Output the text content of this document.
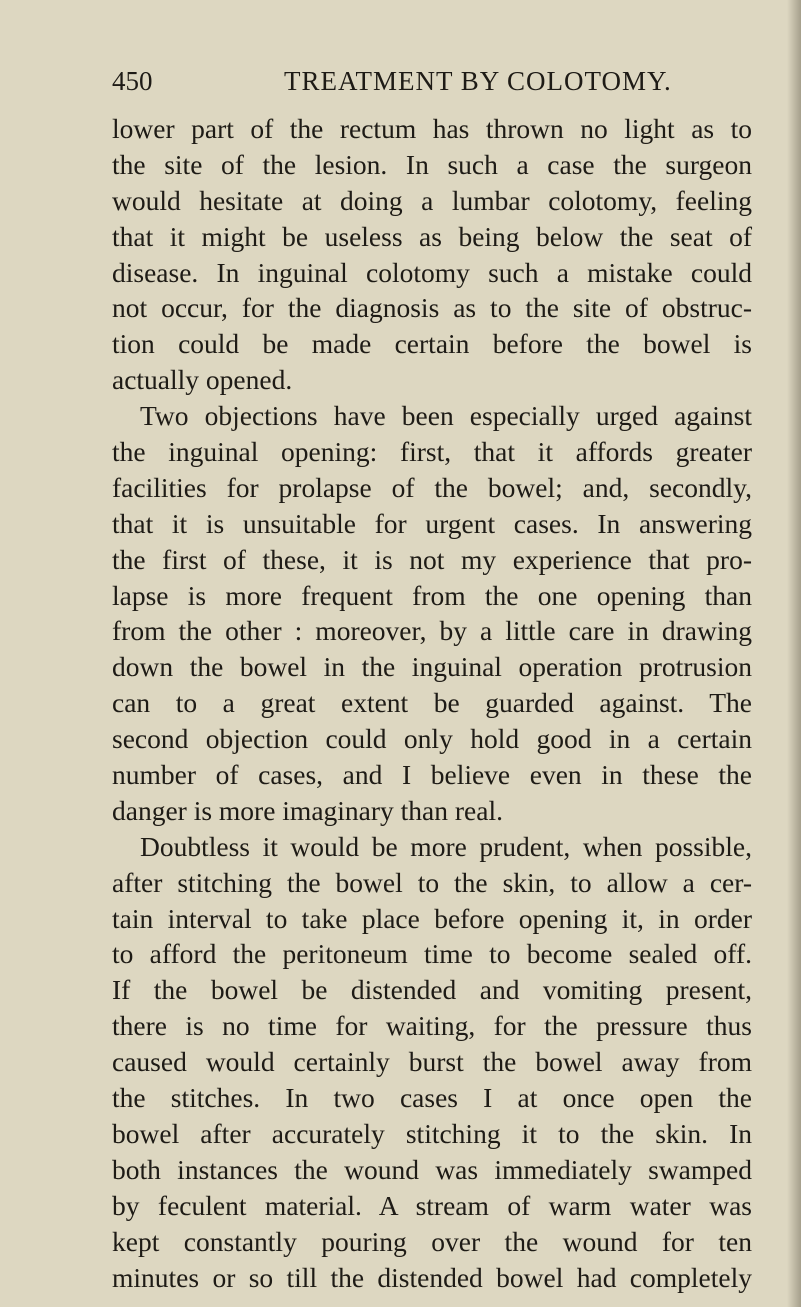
450	TREATMENT BY COLOTOMY.
lower part of the rectum has thrown no light as to
the site of the lesion. In such a case the surgeon
would hesitate at doing a lumbar colotomy, feeling
that it might be useless as being below the seat of
disease. In inguinal colotomy such a mistake could
not occur, for the diagnosis as to the site of obstruc-
tion could be made certain before the bowel is
actually opened.
Two objections have been especially urged against
the inguinal opening: first, that it affords greater
facilities for prolapse of the bowel; and, secondly,
that it is unsuitable for urgent cases. In answering
the first of these, it is not my experience that pro-
lapse is more frequent from the one opening than
from the other : moreover, by a little care in drawing
down the bowel in the inguinal operation protrusion
can to a great extent be guarded against. The
second objection could only hold good in a certain
number of cases, and I believe even in these the
danger is more imaginary than real.
Doubtless it would be more prudent, when possible,
after stitching the bowel to the skin, to allow a cer-
tain interval to take place before opening it, in order
to afford the peritoneum time to become sealed off.
If the bowel be distended and vomiting present,
there is no time for waiting, for the pressure thus
caused would certainly burst the bowel away from
the stitches. In two cases I at once open the
bowel after accurately stitching it to the skin. In
both instances the wound was immediately swamped
by feculent material. A stream of warm water was
kept constantly pouring over the wound for ten
minutes or so till the distended bowel had completely
